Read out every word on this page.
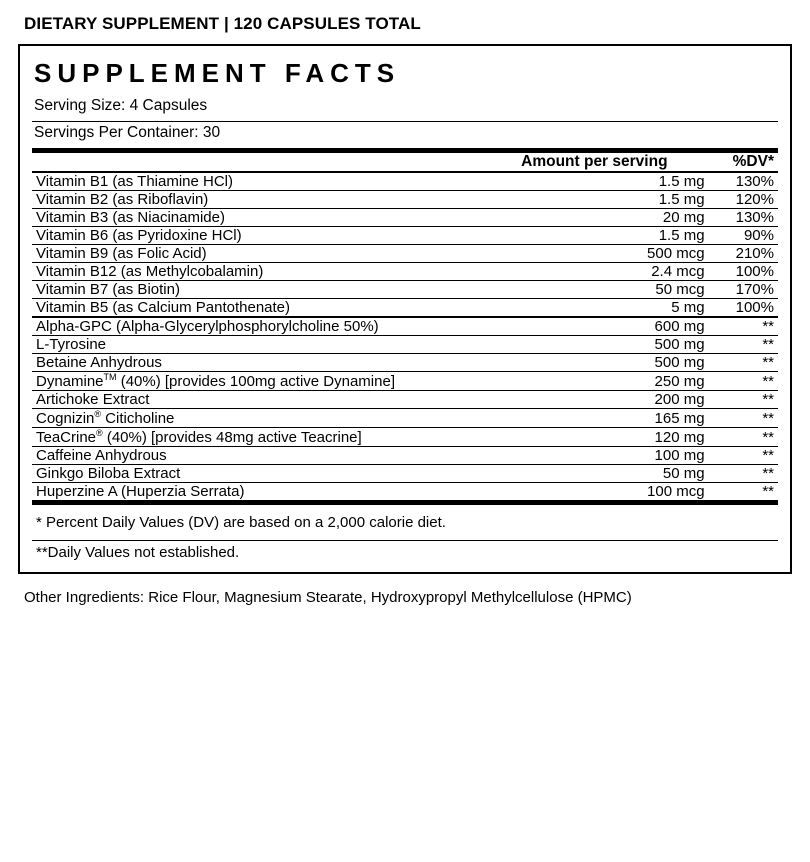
DIETARY SUPPLEMENT | 120 CAPSULES TOTAL
SUPPLEMENT FACTS
Serving Size: 4 Capsules
Servings Per Container: 30
	Amount per serving	%DV*
Vitamin B1 (as Thiamine HCl)	1.5 mg	130%
Vitamin B2 (as Riboflavin)	1.5 mg	120%
Vitamin B3 (as Niacinamide)	20 mg	130%
Vitamin B6 (as Pyridoxine HCl)	1.5 mg	90%
Vitamin B9 (as Folic Acid)	500 mcg	210%
Vitamin B12 (as Methylcobalamin)	2.4 mcg	100%
Vitamin B7 (as Biotin)	50 mcg	170%
Vitamin B5 (as Calcium Pantothenate)	5 mg	100%
Alpha-GPC (Alpha-Glycerylphosphorylcholine 50%)	600 mg	**
L-Tyrosine	500 mg	**
Betaine Anhydrous	500 mg	**
Dynamine™ (40%) [provides 100mg active Dynamine]	250 mg	**
Artichoke Extract	200 mg	**
Cognizin® Citicholine	165 mg	**
TeaCrine® (40%) [provides 48mg active Teacrine]	120 mg	**
Caffeine Anhydrous	100 mg	**
Ginkgo Biloba Extract	50 mg	**
Huperzine A (Huperzia Serrata)	100 mcg	**
* Percent Daily Values (DV) are based on a 2,000 calorie diet.
**Daily Values not established.
Other Ingredients: Rice Flour, Magnesium Stearate, Hydroxypropyl Methylcellulose (HPMC)
